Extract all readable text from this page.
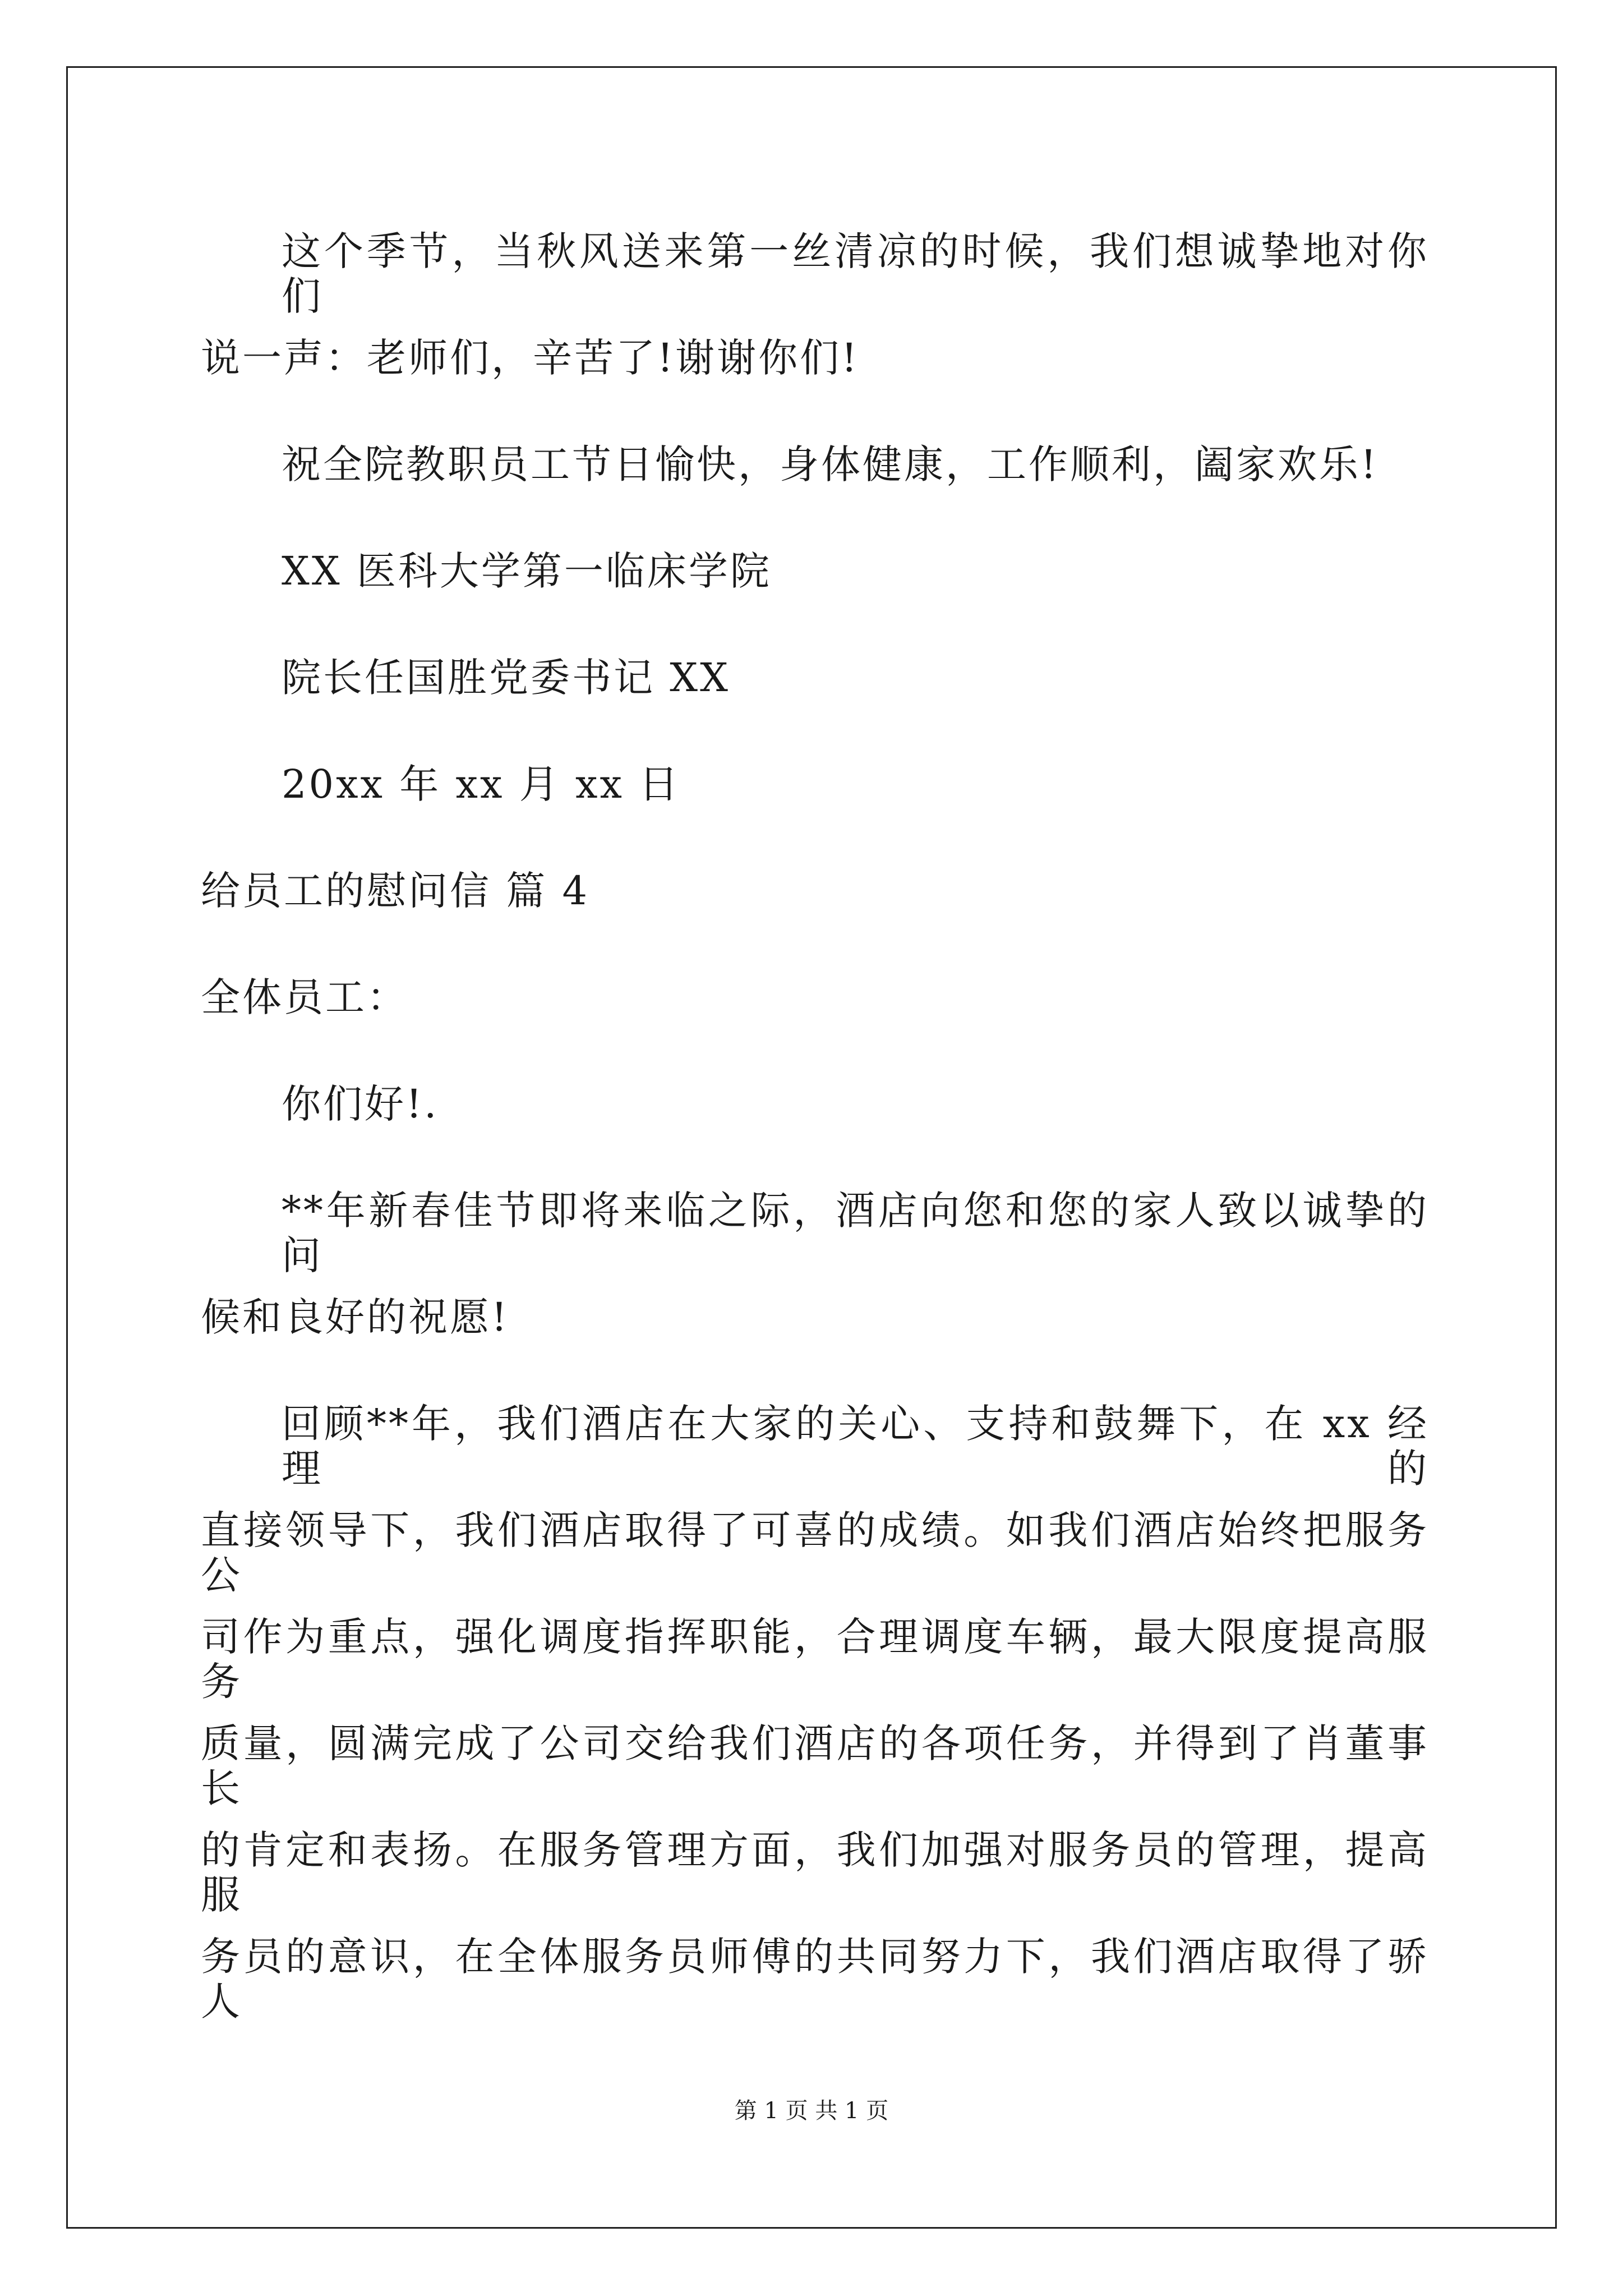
这个季节，当秋风送来第一丝清凉的时候，我们想诚挚地对你们
说一声：老师们，辛苦了!谢谢你们!
祝全院教职员工节日愉快，身体健康，工作顺利，阖家欢乐!
XX 医科大学第一临床学院
院长任国胜党委书记 XX
20xx 年 xx 月 xx 日
给员工的慰问信 篇 4
全体员工：
你们好!.
**年新春佳节即将来临之际，酒店向您和您的家人致以诚挚的问
候和良好的祝愿!
回顾**年，我们酒店在大家的关心、支持和鼓舞下，在 xx 经理的
直接领导下，我们酒店取得了可喜的成绩。如我们酒店始终把服务公
司作为重点，强化调度指挥职能，合理调度车辆，最大限度提高服务
质量，圆满完成了公司交给我们酒店的各项任务，并得到了肖董事长
的肯定和表扬。在服务管理方面，我们加强对服务员的管理，提高服
务员的意识，在全体服务员师傅的共同努力下，我们酒店取得了骄人
第 1 页 共 1 页
